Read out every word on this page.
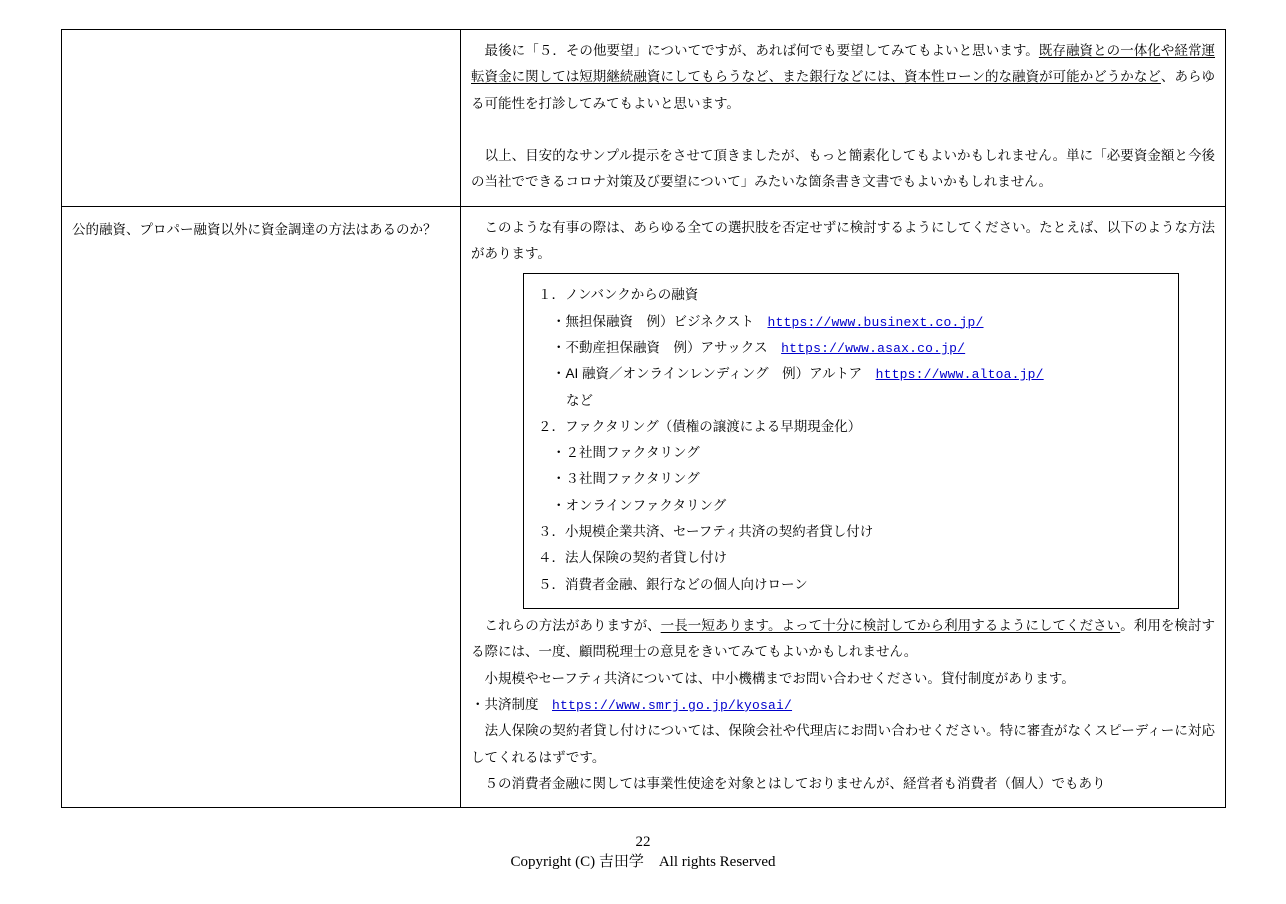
	　最後に「５．その他要望」についてですが、あれば何でも要望してみてもよいと思います。既存融資との一体化や経常運転資金に関しては短期継続融資にしてもらうなど、また銀行などには、資本性ローン的な融資が可能かどうかなど、あらゆる可能性を打診してみてもよいと思います。

　以上、目安的なサンプル提示をさせて頂きましたが、もっと簡素化してもよいかもしれません。単に「必要資金額と今後の当社でできるコロナ対策及び要望について」みたいな箇条書き文書でもよいかもしれません。

公的融資、プロパー融資以外に資金調達の方法はあるのか？	　このような有事の際は、あらゆる全ての選択肢を否定せずに検討するようにしてください。たとえば、以下のような方法があります。

１．ノンバンクからの融資
・無担保融資　例）ビジネクスト　https://www.businext.co.jp/
・不動産担保融資　例）アサックス　https://www.asax.co.jp/
・AI 融資／オンラインレンディング　例）アルトア　https://www.altoa.jp/
など
２．ファクタリング（債権の譲渡による早期現金化）
・２社間ファクタリング
・３社間ファクタリング
・オンラインファクタリング
３．小規模企業共済、セーフティ共済の契約者貸し付け
４．法人保険の契約者貸し付け
５．消費者金融、銀行などの個人向けローン

　これらの方法がありますが、一長一短あります。よって十分に検討してから利用するようにしてください。利用を検討する際には、一度、顧問税理士の意見をきいてみてもよいかもしれません。

　小規模やセーフティ共済については、中小機構までお問い合わせください。貸付制度があります。

・共済制度　https://www.smrj.go.jp/kyosai/

　法人保険の契約者貸し付けについては、保険会社や代理店にお問い合わせください。特に審査がなくスピーディーに対応してくれるはずです。

　５の消費者金融に関しては事業性使途を対象とはしておりませんが、経営者も消費者（個人）でもあり

22
Copyright (C) 吉田学　All rights Reserved
